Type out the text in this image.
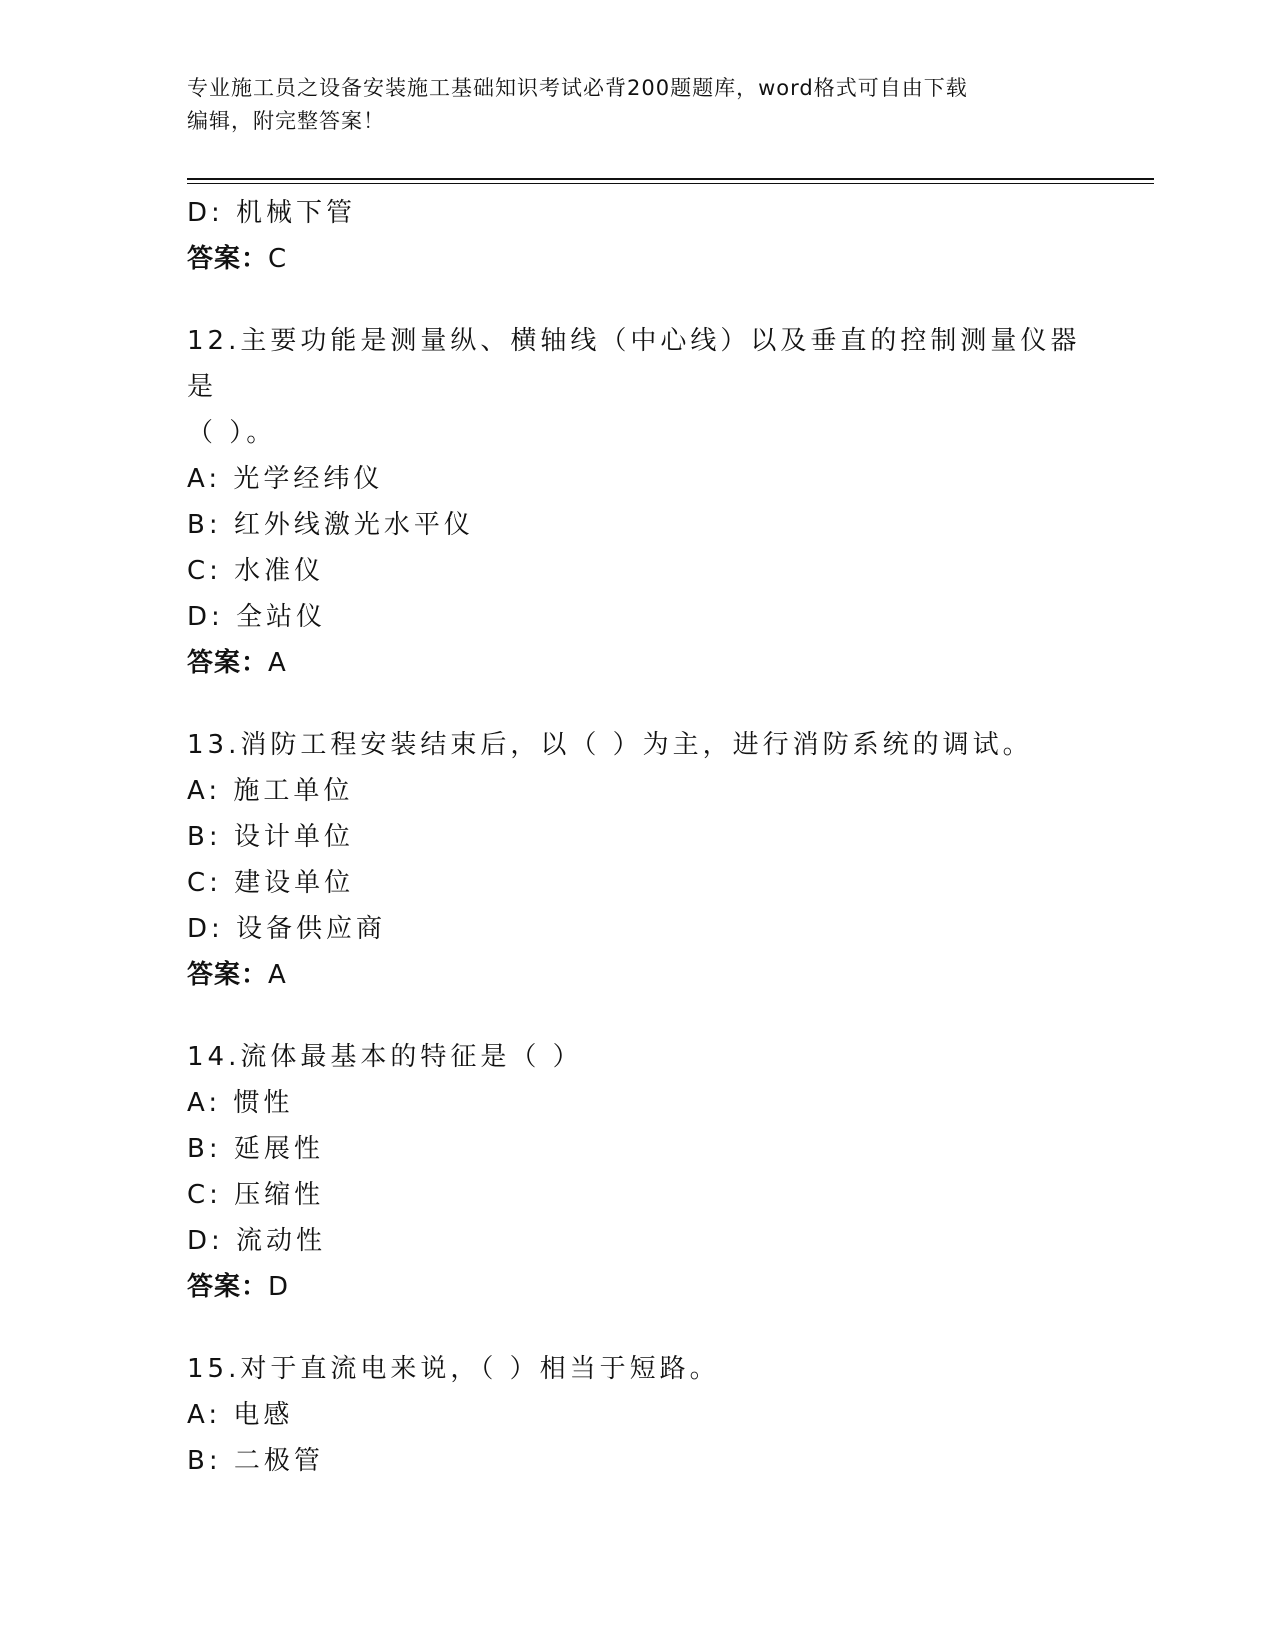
专业施工员之设备安装施工基础知识考试必背200题题库，word格式可自由下载
编辑，附完整答案！
D: 机械下管
答案：C
12.主要功能是测量纵、横轴线（中心线）以及垂直的控制测量仪器是
（ ）。
A: 光学经纬仪
B: 红外线激光水平仪
C: 水准仪
D: 全站仪
答案：A
13.消防工程安装结束后，以（ ）为主，进行消防系统的调试。
A: 施工单位
B: 设计单位
C: 建设单位
D: 设备供应商
答案：A
14.流体最基本的特征是（ ）
A: 惯性
B: 延展性
C: 压缩性
D: 流动性
答案：D
15.对于直流电来说，（ ）相当于短路。
A: 电感
B: 二极管
